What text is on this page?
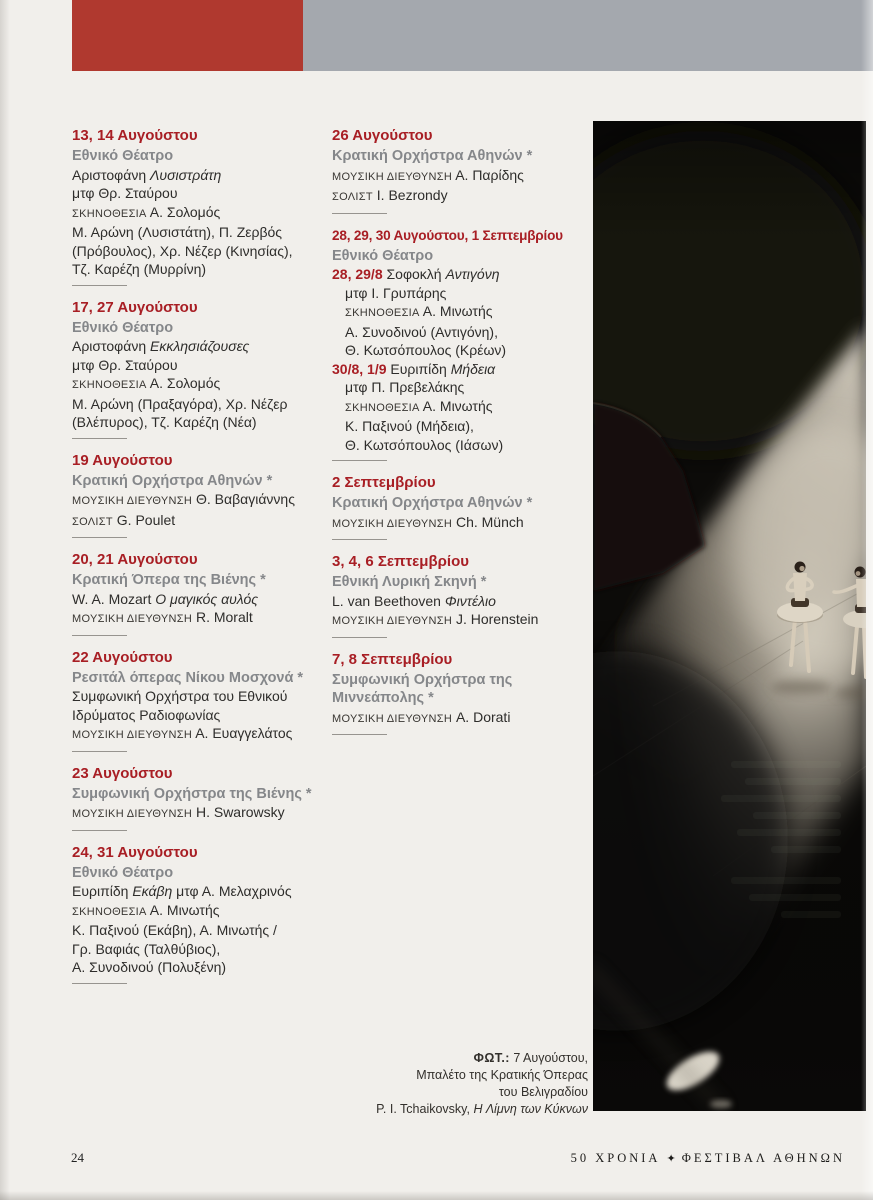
13, 14 Αυγούστου
Εθνικό Θέατρο
Αριστοφάνη Λυσιστράτη
μτφ Θρ. Σταύρου
ΣΚΗΝΟΘΕΣΙΑ Α. Σολομός
Μ. Αρώνη (Λυσιστάτη), Π. Ζερβός
(Πρόβουλος), Χρ. Νέζερ (Κινησίας),
Τζ. Καρέζη (Μυρρίνη)
17, 27 Αυγούστου
Εθνικό Θέατρο
Αριστοφάνη Εκκλησιάζουσες
μτφ Θρ. Σταύρου
ΣΚΗΝΟΘΕΣΙΑ Α. Σολομός
Μ. Αρώνη (Πραξαγόρα), Χρ. Νέζερ
(Βλέπυρος), Τζ. Καρέζη (Νέα)
19 Αυγούστου
Κρατική Ορχήστρα Αθηνών *
ΜΟΥΣΙΚΗ ΔΙΕΥΘΥΝΣΗ Θ. Βαβαγιάννης
ΣΟΛΙΣΤ G. Poulet
20, 21 Αυγούστου
Κρατική Όπερα της Βιένης *
W. A. Mozart Ο μαγικός αυλός
ΜΟΥΣΙΚΗ ΔΙΕΥΘΥΝΣΗ R. Moralt
22 Αυγούστου
Ρεσιτάλ όπερας Νίκου Μοσχονά *
Συμφωνική Ορχήστρα του Εθνικού
Ιδρύματος Ραδιοφωνίας
ΜΟΥΣΙΚΗ ΔΙΕΥΘΥΝΣΗ Α. Ευαγγελάτος
23 Αυγούστου
Συμφωνική Ορχήστρα της Βιένης *
ΜΟΥΣΙΚΗ ΔΙΕΥΘΥΝΣΗ H. Swarowsky
24, 31 Αυγούστου
Εθνικό Θέατρο
Ευριπίδη Εκάβη μτφ Α. Μελαχρινός
ΣΚΗΝΟΘΕΣΙΑ Α. Μινωτής
Κ. Παξινού (Εκάβη), Α. Μινωτής /
Γρ. Βαφιάς (Ταλθύβιος),
Α. Συνοδινού (Πολυξένη)
26 Αυγούστου
Κρατική Ορχήστρα Αθηνών *
ΜΟΥΣΙΚΗ ΔΙΕΥΘΥΝΣΗ Α. Παρίδης
ΣΟΛΙΣΤ I. Bezrondy
28, 29, 30 Αυγούστου, 1 Σεπτεμβρίου
Εθνικό Θέατρο
28, 29/8 Σοφοκλή Αντιγόνη
μτφ Ι. Γρυπάρης
ΣΚΗΝΟΘΕΣΙΑ Α. Μινωτής
Α. Συνοδινού (Αντιγόνη),
Θ. Κωτσόπουλος (Κρέων)
30/8, 1/9 Ευριπίδη Μήδεια
μτφ Π. Πρεβελάκης
ΣΚΗΝΟΘΕΣΙΑ Α. Μινωτής
Κ. Παξινού (Μήδεια),
Θ. Κωτσόπουλος (Ιάσων)
2 Σεπτεμβρίου
Κρατική Ορχήστρα Αθηνών *
ΜΟΥΣΙΚΗ ΔΙΕΥΘΥΝΣΗ Ch. Münch
3, 4, 6 Σεπτεμβρίου
Εθνική Λυρική Σκηνή *
L. van Beethoven Φιντέλιο
ΜΟΥΣΙΚΗ ΔΙΕΥΘΥΝΣΗ J. Horenstein
7, 8 Σεπτεμβρίου
Συμφωνική Ορχήστρα της
Μιννεάπολης *
ΜΟΥΣΙΚΗ ΔΙΕΥΘΥΝΣΗ A. Dorati
ΦΩΤ.: 7 Αυγούστου,
Μπαλέτο της Κρατικής Όπερας
του Βελιγραδίου
P. I. Tchaikovsky, Η Λίμνη των Κύκνων
24	50 ΧΡΟΝΙΑ ✦ ΦΕΣΤΙΒΑΛ ΑΘΗΝΩΝ
